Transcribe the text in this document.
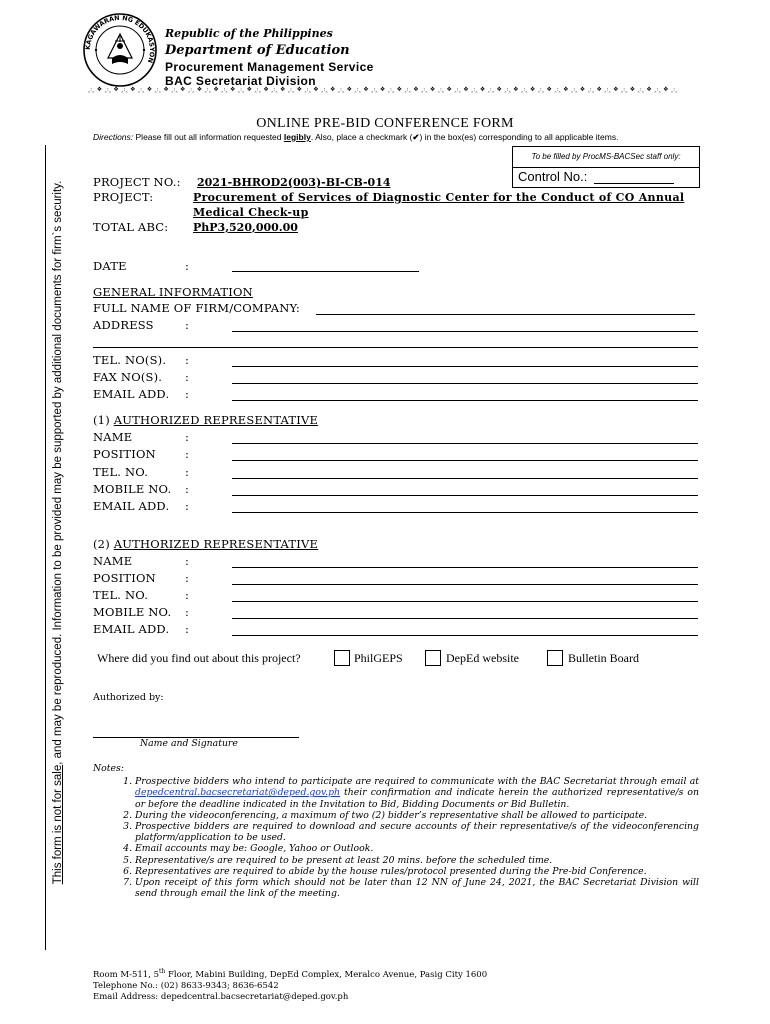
This form is not for sale, and may be reproduced. Information to be provided may be supported by additional documents for firm`s security.
KAGAWARAN NG EDUKASYON
Republic of the Philippines
Department of Education
Procurement Management Service
BAC Secretariat Division
ꞈ꞉ꞈ ❖ ꞈ꞉ꞈ ❖ ꞈ꞉ꞈ ❖ ꞈ꞉ꞈ ❖ ꞈ꞉ꞈ ❖ ꞈ꞉ꞈ ❖ ꞈ꞉ꞈ ❖ ꞈ꞉ꞈ ❖ ꞈ꞉ꞈ ❖ ꞈ꞉ꞈ ❖ ꞈ꞉ꞈ ❖ ꞈ꞉ꞈ ❖ ꞈ꞉ꞈ ❖ ꞈ꞉ꞈ ❖ ꞈ꞉ꞈ ❖ ꞈ꞉ꞈ ❖ ꞈ꞉ꞈ ❖ ꞈ꞉ꞈ ❖ ꞈ꞉ꞈ ❖ ꞈ꞉ꞈ ❖ ꞈ꞉ꞈ ❖ ꞈ꞉ꞈ ❖ ꞈ꞉ꞈ ❖ ꞈ꞉ꞈ ❖ ꞈ꞉ꞈ ❖ ꞈ꞉ꞈ ❖ ꞈ꞉ꞈ ❖ ꞈ꞉ꞈ ❖ ꞈ꞉ꞈ ❖ ꞈ꞉ꞈ ❖ ꞈ꞉ꞈ ❖ ꞈ꞉ꞈ ❖ ꞈ꞉ꞈ ❖ ꞈ꞉ꞈ ❖ ꞈ꞉ꞈ ❖ ꞈ꞉ꞈ
ONLINE PRE-BID CONFERENCE FORM
Directions: Please fill out all information requested legibly. Also, place a checkmark (✔) in the box(es) corresponding to all applicable items.
To be filled by ProcMS-BACSec staff only:
Control No.:
PROJECT NO.: 2021-BHROD2(003)-BI-CB-014
PROJECT:	Procurement of Services of Diagnostic Center for the Conduct of CO Annual
Medical Check-up
TOTAL ABC: PhP3,520,000.00
DATE	:
GENERAL INFORMATION
FULL NAME OF FIRM/COMPANY:
ADDRESS	:
TEL. NO(S). :
FAX NO(S). :
EMAIL ADD. :
(1) AUTHORIZED REPRESENTATIVE
NAME	:
POSITION	:
TEL. NO.	:
MOBILE NO. :
EMAIL ADD. :
(2) AUTHORIZED REPRESENTATIVE
NAME	:
POSITION	:
TEL. NO.	:
MOBILE NO. :
EMAIL ADD. :
Where did you find out about this project?	PhilGEPS	DepEd website	Bulletin Board
Authorized by:
Name and Signature
Notes:
1. Prospective bidders who intend to participate are required to communicate with the BAC Secretariat through email at depedcentral.bacsecretariat@deped.gov.ph their confirmation and indicate herein the authorized representative/s on or before the deadline indicated in the Invitation to Bid, Bidding Documents or Bid Bulletin.
2. During the videoconferencing, a maximum of two (2) bidder’s representative shall be allowed to participate.
3. Prospective bidders are required to download and secure accounts of their representative/s of the videoconferencing platform/application to be used.
4. Email accounts may be: Google, Yahoo or Outlook.
5. Representative/s are required to be present at least 20 mins. before the scheduled time.
6. Representatives are required to abide by the house rules/protocol presented during the Pre-bid Conference.
7. Upon receipt of this form which should not be later than 12 NN of June 24, 2021, the BAC Secretariat Division will send through email the link of the meeting.
Room M-511, 5th Floor, Mabini Building, DepEd Complex, Meralco Avenue, Pasig City 1600
Telephone No.: (02) 8633-9343; 8636-6542
Email Address: depedcentral.bacsecretariat@deped.gov.ph
